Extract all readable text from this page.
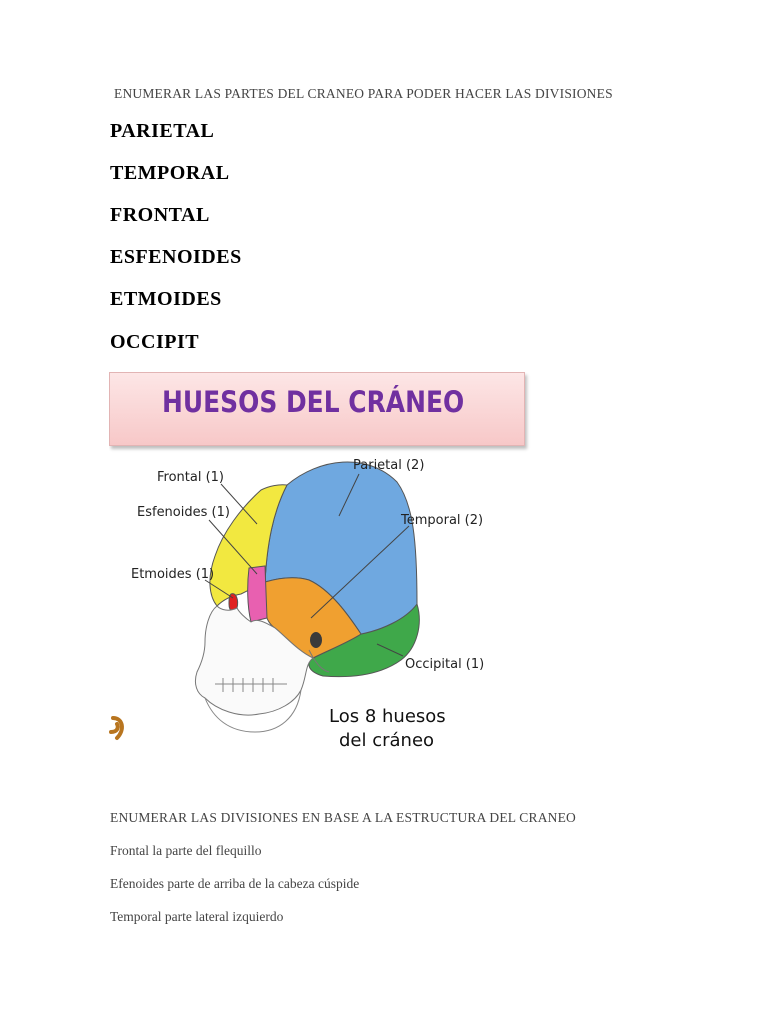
ENUMERAR LAS PARTES DEL CRANEO PARA PODER HACER LAS DIVISIONES
PARIETAL
TEMPORAL
FRONTAL
ESFENOIDES
ETMOIDES
OCCIPIT
HUESOS DEL CRÁNEO
Frontal (1)
Parietal (2)
Esfenoides (1)
Temporal (2)
Etmoides (1)
Occipital (1)
Los 8 huesos
del cráneo
ENUMERAR LAS DIVISIONES EN BASE A LA ESTRUCTURA DEL CRANEO
Frontal la parte del flequillo
Efenoides parte de arriba de la cabeza cúspide
Temporal parte lateral izquierdo
